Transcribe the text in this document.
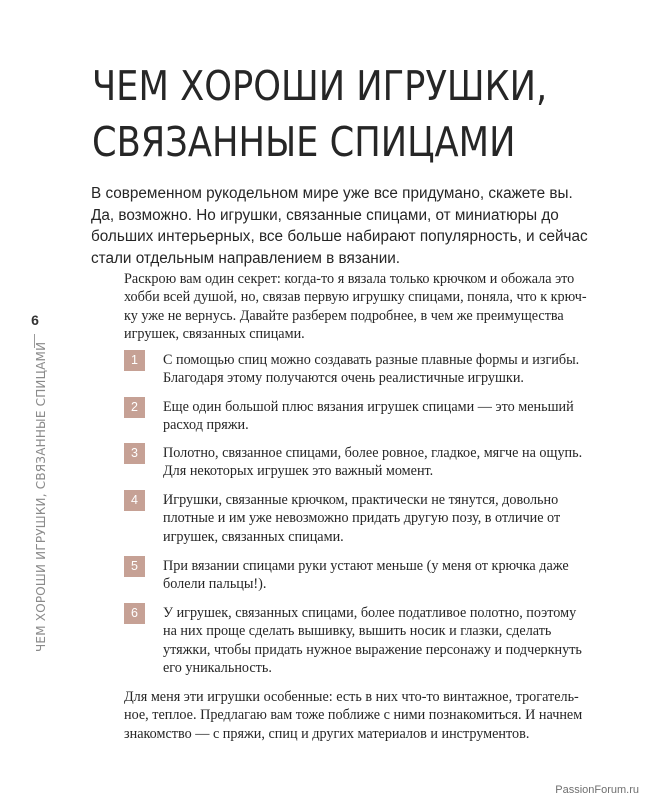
ЧЕМ ХОРОШИ ИГРУШКИ,
СВЯЗАННЫЕ СПИЦАМИ

В современном рукодельном мире уже все придумано, скажете вы.
Да, возможно. Но игрушки, связанные спицами, от миниатюры до
больших интерьерных, все больше набирают популярность, и сейчас
стали отдельным направлением в вязании.

Раскрою вам один секрет: когда-то я вязала только крючком и обожала это
хобби всей душой, но, связав первую игрушку спицами, поняла, что к крюч-
ку уже не вернусь. Давайте разберем подробнее, в чем же преимущества
игрушек, связанных спицами.

1	С помощью спиц можно создавать разные плавные формы и изгибы.
Благодаря этому получаются очень реалистичные игрушки.

2	Еще один большой плюс вязания игрушек спицами — это меньший
расход пряжи.

3	Полотно, связанное спицами, более ровное, гладкое, мягче на ощупь.
Для некоторых игрушек это важный момент.

4	Игрушки, связанные крючком, практически не тянутся, довольно
плотные и им уже невозможно придать другую позу, в отличие от
игрушек, связанных спицами.

5	При вязании спицами руки устают меньше (у меня от крючка даже
болели пальцы!).

6	У игрушек, связанных спицами, более податливое полотно, поэтому
на них проще сделать вышивку, вышить носик и глазки, сделать
утяжки, чтобы придать нужное выражение персонажу и подчеркнуть
его уникальность.

Для меня эти игрушки особенные: есть в них что-то винтажное, трогатель-
ное, теплое. Предлагаю вам тоже поближе с ними познакомиться. И начнем
знакомство — с пряжи, спиц и других материалов и инструментов.

6
ЧЕМ ХОРОШИ ИГРУШКИ, СВЯЗАННЫЕ СПИЦАМИ
PassionForum.ru
